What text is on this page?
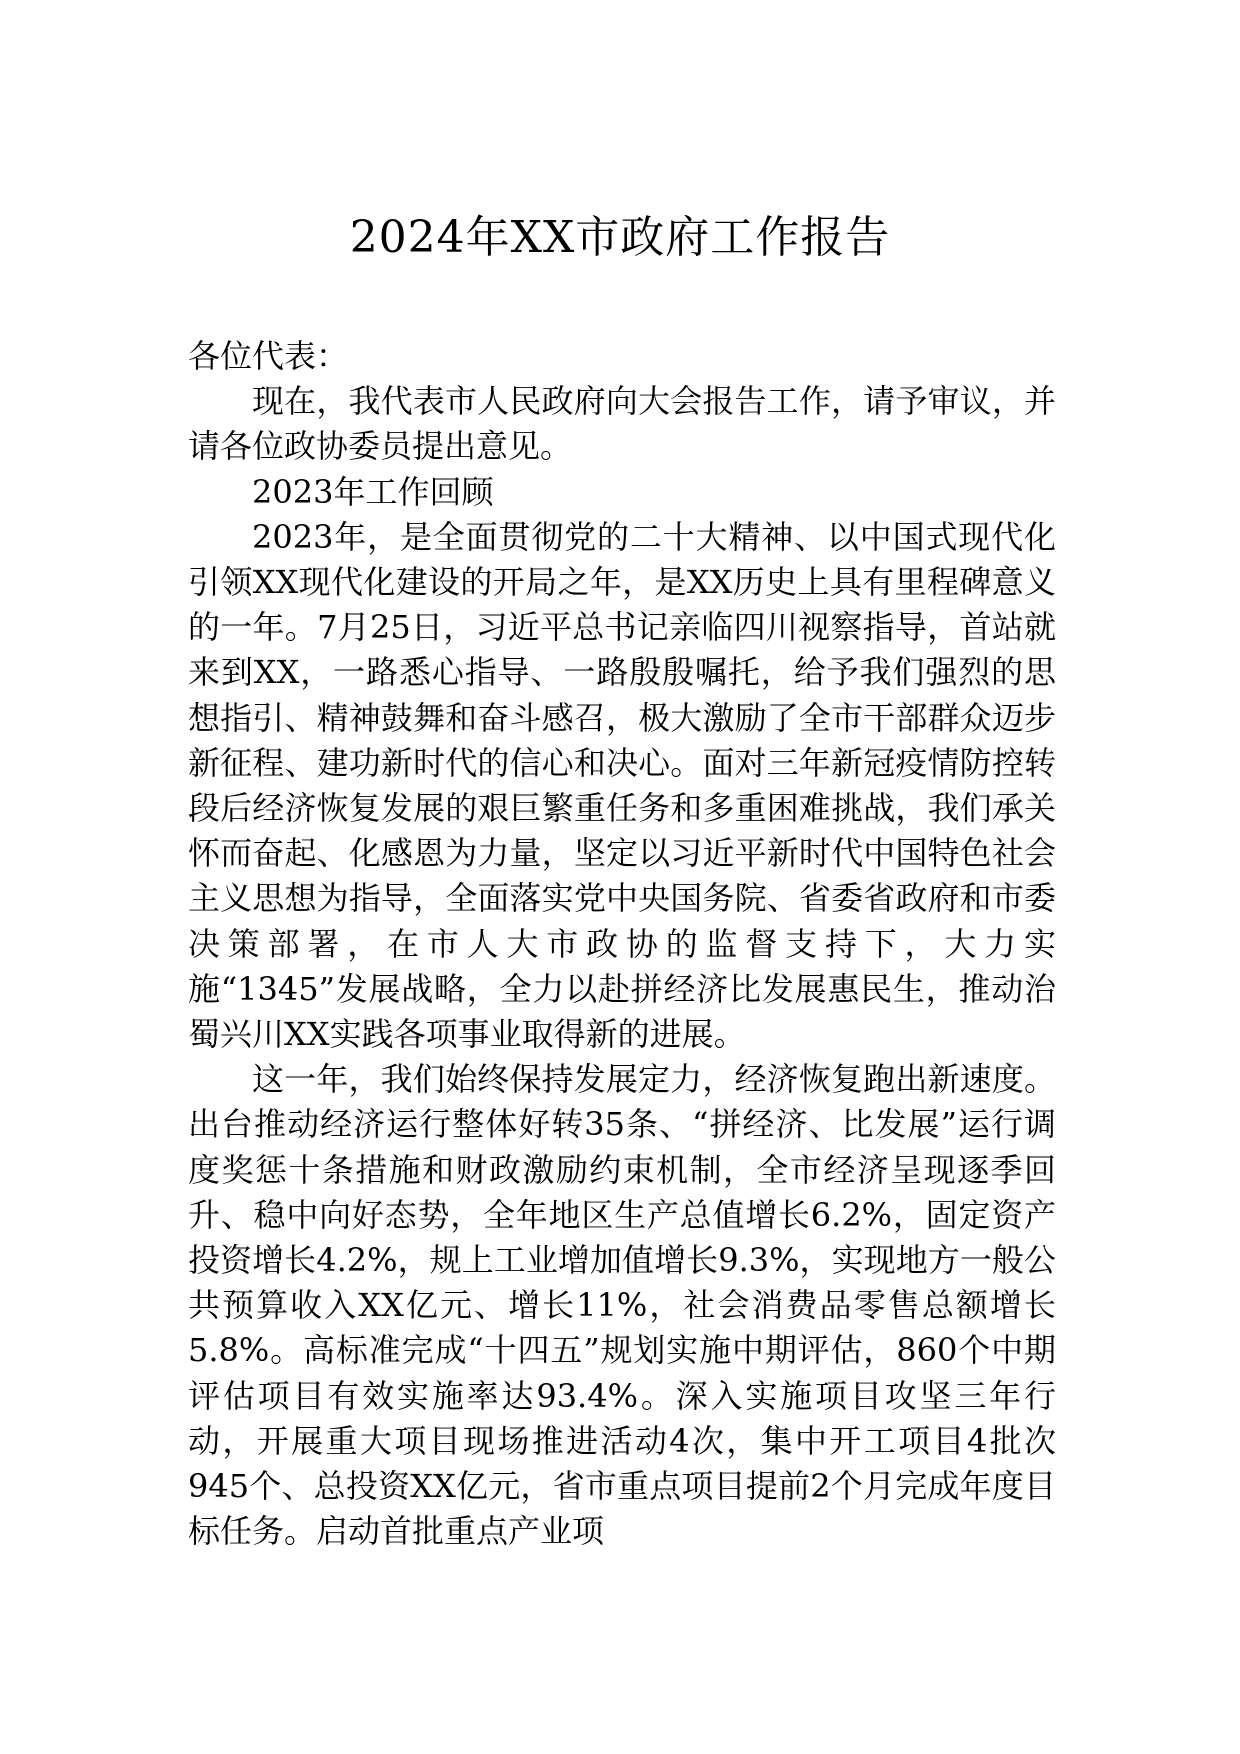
2024年XX市政府工作报告

各位代表：

现在，我代表市人民政府向大会报告工作，请予审议，并请各位政协委员提出意见。

2023年工作回顾

2023年，是全面贯彻党的二十大精神、以中国式现代化引领XX现代化建设的开局之年，是XX历史上具有里程碑意义的一年。7月25日，习近平总书记亲临四川视察指导，首站就来到XX，一路悉心指导、一路殷殷嘱托，给予我们强烈的思想指引、精神鼓舞和奋斗感召，极大激励了全市干部群众迈步新征程、建功新时代的信心和决心。面对三年新冠疫情防控转段后经济恢复发展的艰巨繁重任务和多重困难挑战，我们承关怀而奋起、化感恩为力量，坚定以习近平新时代中国特色社会主义思想为指导，全面落实党中央国务院、省委省政府和市委决策部署，在市人大市政协的监督支持下，大力实施“1345”发展战略，全力以赴拼经济比发展惠民生，推动治蜀兴川XX实践各项事业取得新的进展。

这一年，我们始终保持发展定力，经济恢复跑出新速度。出台推动经济运行整体好转35条、“拼经济、比发展”运行调度奖惩十条措施和财政激励约束机制，全市经济呈现逐季回升、稳中向好态势，全年地区生产总值增长6.2%，固定资产投资增长4.2%，规上工业增加值增长9.3%，实现地方一般公共预算收入XX亿元、增长11%，社会消费品零售总额增长5.8%。高标准完成“十四五”规划实施中期评估，860个中期评估项目有效实施率达93.4%。深入实施项目攻坚三年行动，开展重大项目现场推进活动4次，集中开工项目4批次945个、总投资XX亿元，省市重点项目提前2个月完成年度目标任务。启动首批重点产业项
